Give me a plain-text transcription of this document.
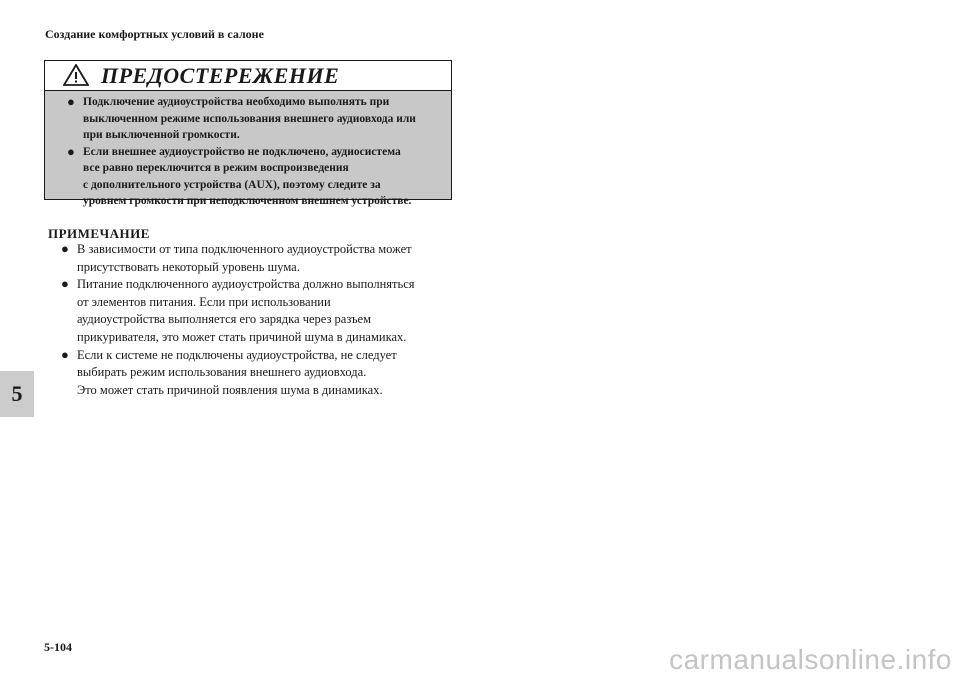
Создание комфортных условий в салоне
ПРЕДОСТЕРЕЖЕНИЕ
● Подключение аудиоустройства необходимо выполнять при
выключенном режиме использования внешнего аудиовхода или
при выключенной громкости.
● Если внешнее аудиоустройство не подключено, аудиосистема
все равно переключится в режим воспроизведения
с дополнительного устройства (AUX), поэтому следите за
уровнем громкости при неподключенном внешнем устройстве.
ПРИМЕЧАНИЕ
● В зависимости от типа подключенного аудиоустройства может
присутствовать некоторый уровень шума.
● Питание подключенного аудиоустройства должно выполняться
от элементов питания. Если при использовании
аудиоустройства выполняется его зарядка через разъем
прикуривателя, это может стать причиной шума в динамиках.
● Если к системе не подключены аудиоустройства, не следует
выбирать режим использования внешнего аудиовхода.
Это может стать причиной появления шума в динамиках.
5
5-104	carmanualsonline.info
